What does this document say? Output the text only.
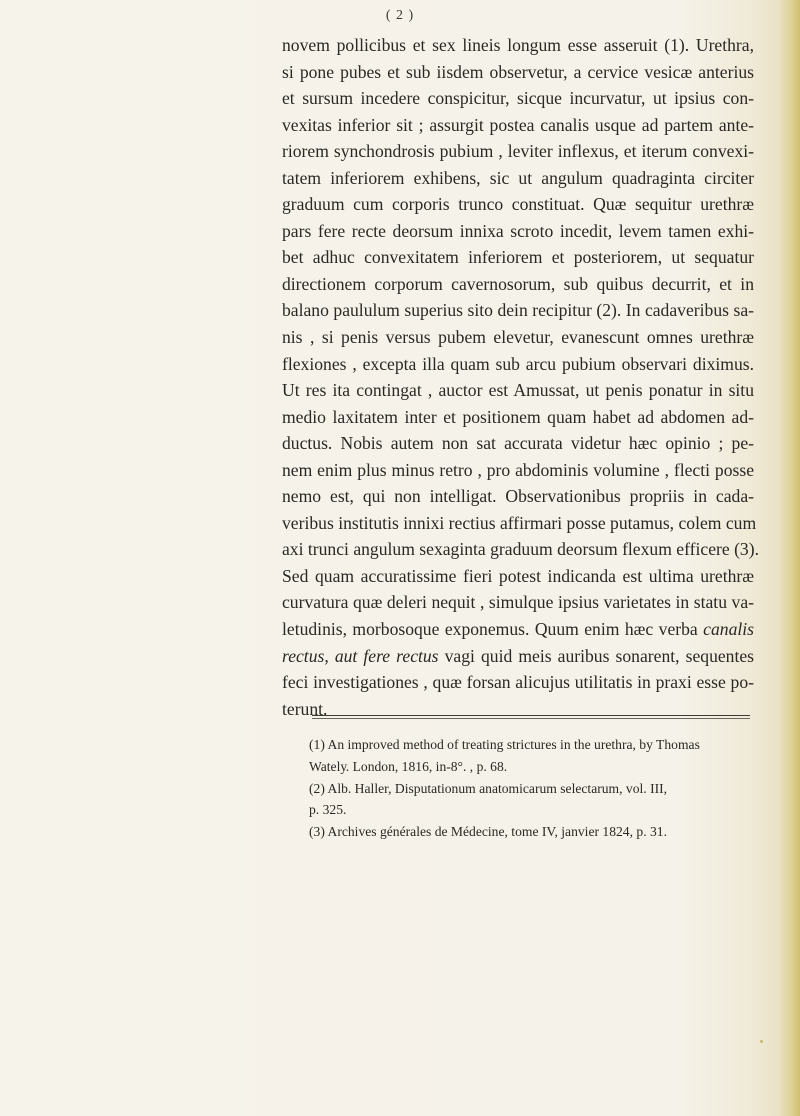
( 2 )

novem pollicibus et sex lineis longum esse asseruit (1). Urethra,
si pone pubes et sub iisdem observetur, a cervice vesicæ anterius
et sursum incedere conspicitur, sicque incurvatur, ut ipsius con-
vexitas inferior sit ; assurgit postea canalis usque ad partem ante-
riorem synchondrosis pubium , leviter inflexus, et iterum convexi-
tatem inferiorem exhibens, sic ut angulum quadraginta circiter
graduum cum corporis trunco constituat. Quæ sequitur urethræ
pars fere recte deorsum innixa scroto incedit, levem tamen exhi-
bet adhuc convexitatem inferiorem et posteriorem, ut sequatur
directionem corporum cavernosorum, sub quibus decurrit, et in
balano paululum superius sito dein recipitur (2). In cadaveribus sa-
nis , si penis versus pubem elevetur, evanescunt omnes urethræ
flexiones , excepta illa quam sub arcu pubium observari diximus.
Ut res ita contingat , auctor est Amussat, ut penis ponatur in situ
medio laxitatem inter et positionem quam habet ad abdomen ad-
ductus. Nobis autem non sat accurata videtur hæc opinio ; pe-
nem enim plus minus retro , pro abdominis volumine , flecti posse
nemo est, qui non intelligat. Observationibus propriis in cada-
veribus institutis innixi rectius affirmari posse putamus, colem cum
axi trunci angulum sexaginta graduum deorsum flexum efficere (3).
Sed quam accuratissime fieri potest indicanda est ultima urethræ
curvatura quæ deleri nequit , simulque ipsius varietates in statu va-
letudinis, morbosoque exponemus. Quum enim hæc verba canalis
rectus, aut fere rectus vagi quid meis auribus sonarent, sequentes
feci investigationes , quæ forsan alicujus utilitatis in praxi esse po-
terunt.

(1) An improved method of treating strictures in the urethra, by Thomas
Watelу. London, 1816, in-8°. , p. 68.
(2) Alb. Haller, Disputationum anatomicarum selectarum, vol. III,
p. 325.
(3) Archives générales de Médecine, tome IV, janvier 1824, p. 31.
